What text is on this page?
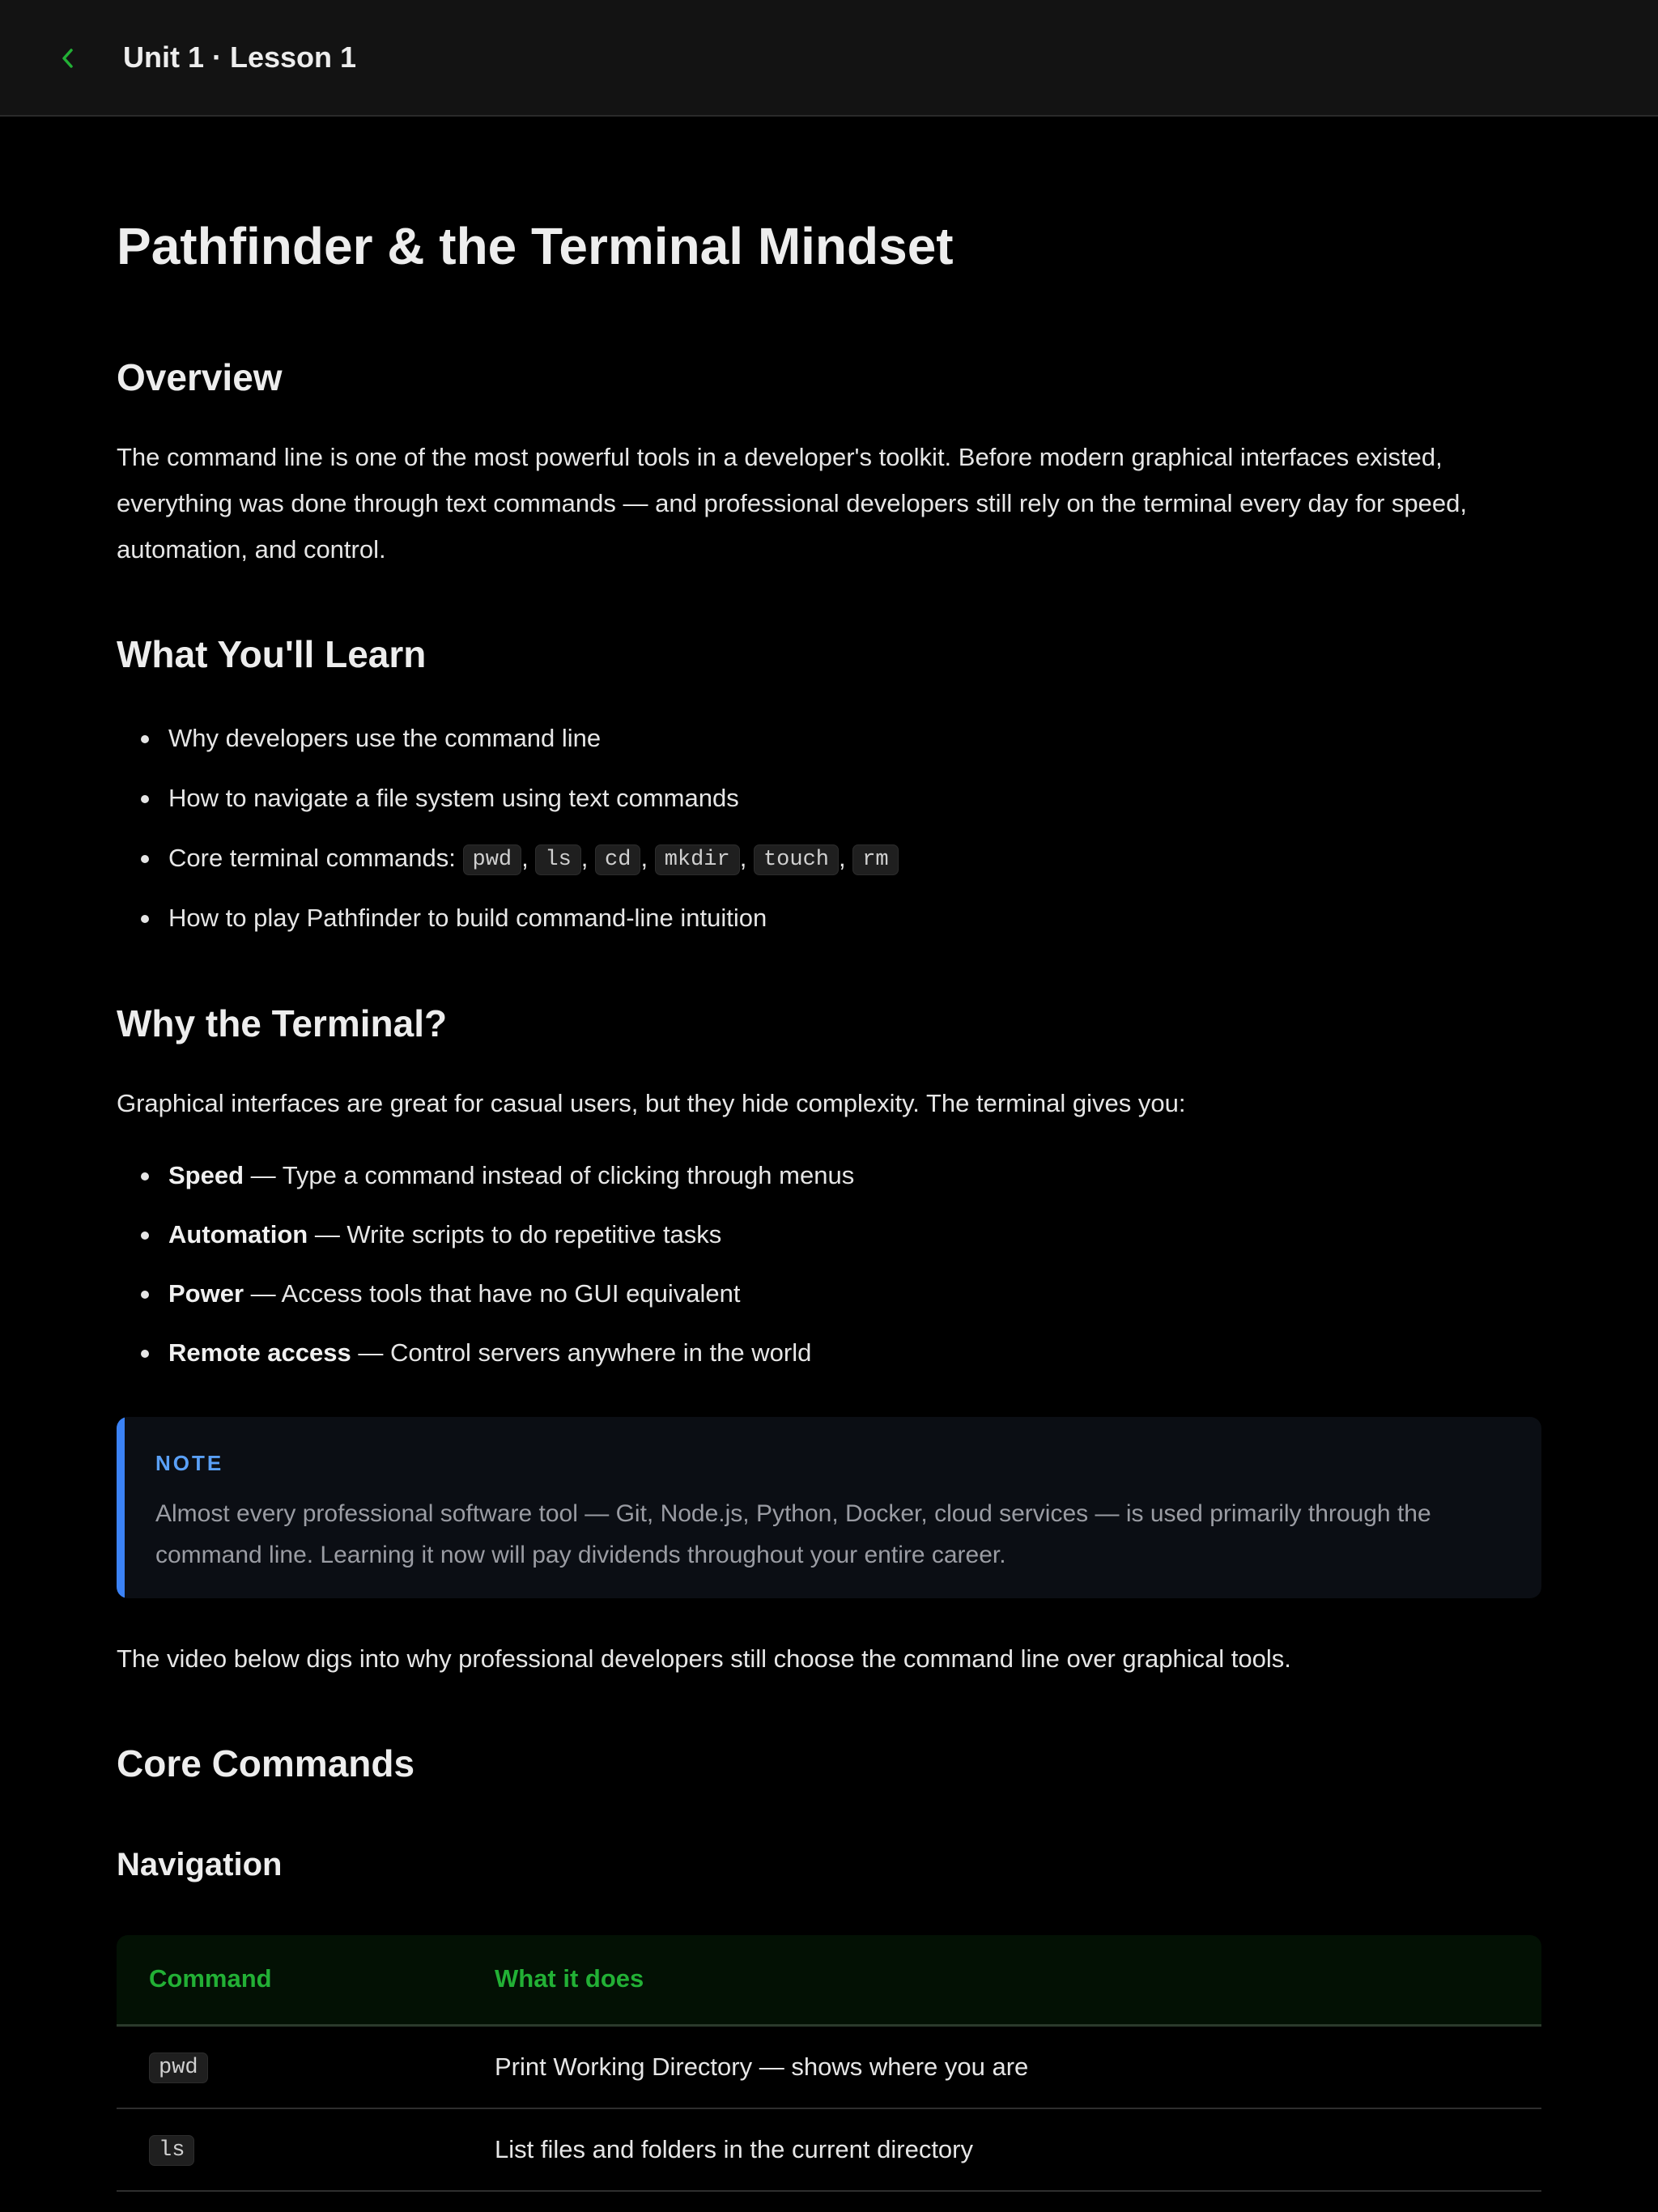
Unit 1 · Lesson 1
Pathfinder & the Terminal Mindset
Overview

The command line is one of the most powerful tools in a developer's toolkit. Before modern graphical interfaces existed, everything was done through text commands — and professional developers still rely on the terminal every day for speed, automation, and control.

What You'll Learn
Why developers use the command line
How to navigate a file system using text commands
Core terminal commands: pwd , ls , cd , mkdir , touch , rm
How to play Pathfinder to build command-line intuition
Why the Terminal?

Graphical interfaces are great for casual users, but they hide complexity. The terminal gives you:

Speed — Type a command instead of clicking through menus
Automation — Write scripts to do repetitive tasks
Power — Access tools that have no GUI equivalent
Remote access — Control servers anywhere in the world
NOTE

Almost every professional software tool — Git, Node.js, Python, Docker, cloud services — is used primarily through the command line. Learning it now will pay dividends throughout your entire career.

The video below digs into why professional developers still choose the command line over graphical tools.

Core Commands
Navigation
Command	What it does
pwd	Print Working Directory — shows where you are
ls	List files and folders in the current directory
